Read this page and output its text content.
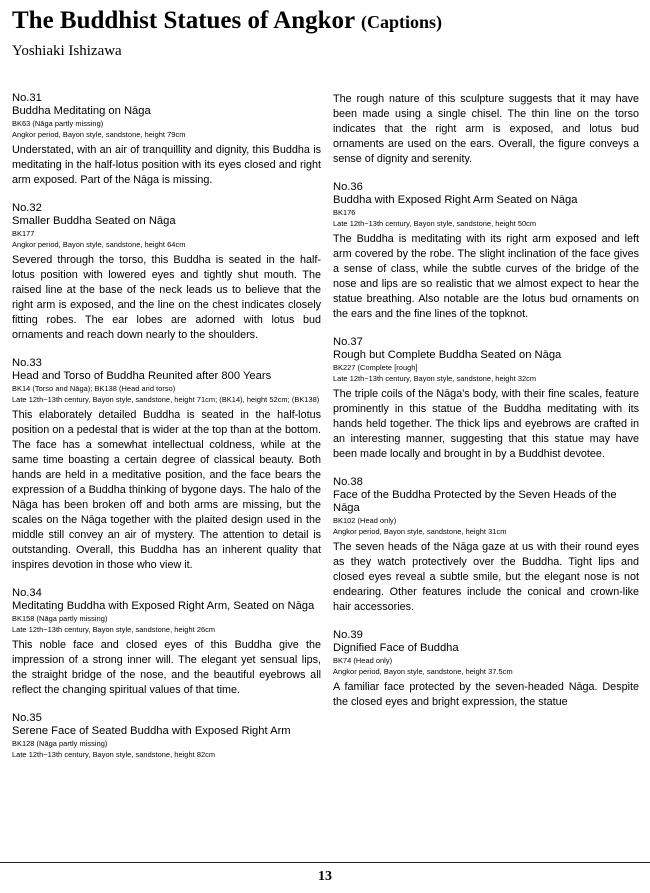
The Buddhist Statues of Angkor (Captions)
Yoshiaki Ishizawa
No.31
Buddha Meditating on Nāga
BK63 (Nāga partly missing)
Angkor period, Bayon style, sandstone, height 79cm
Understated, with an air of tranquillity and dignity, this Buddha is meditating in the half-lotus position with its eyes closed and right arm exposed. Part of the Nāga is missing.
No.32
Smaller Buddha Seated on Nāga
BK177
Angkor period, Bayon style, sandstone, height 64cm
Severed through the torso, this Buddha is seated in the half-lotus position with lowered eyes and tightly shut mouth. The raised line at the base of the neck leads us to believe that the right arm is exposed, and the line on the chest indicates closely fitting robes. The ear lobes are adorned with lotus bud ornaments and reach down nearly to the shoulders.
No.33
Head and Torso of Buddha Reunited after 800 Years
BK14 (Torso and Nāga); BK138 (Head and torso)
Late 12th~13th century, Bayon style, sandstone, height 71cm; (BK14), height 52cm; (BK138)
This elaborately detailed Buddha is seated in the half-lotus position on a pedestal that is wider at the top than at the bottom. The face has a somewhat intellectual coldness, while at the same time boasting a certain degree of classical beauty. Both hands are held in a meditative position, and the face bears the expression of a Buddha thinking of bygone days. The halo of the Nāga has been broken off and both arms are missing, but the scales on the Nāga together with the plaited design used in the middle still convey an air of mystery. The attention to detail is outstanding. Overall, this Buddha has an inherent quality that inspires devotion in those who view it.
No.34
Meditating Buddha with Exposed Right Arm, Seated on Nāga
BK158 (Nāga partly missing)
Late 12th~13th century, Bayon style, sandstone, height 26cm
This noble face and closed eyes of this Buddha give the impression of a strong inner will. The elegant yet sensual lips, the straight bridge of the nose, and the beautiful eyebrows all reflect the changing spiritual values of that time.
No.35
Serene Face of Seated Buddha with Exposed Right Arm
BK128 (Nāga partly missing)
Late 12th~13th century, Bayon style, sandstone, height 82cm
The rough nature of this sculpture suggests that it may have been made using a single chisel. The thin line on the torso indicates that the right arm is exposed, and lotus bud ornaments are used on the ears. Overall, the figure conveys a sense of dignity and serenity.
No.36
Buddha with Exposed Right Arm Seated on Nāga
BK176
Late 12th~13th century, Bayon style, sandstone, height 50cm
The Buddha is meditating with its right arm exposed and left arm covered by the robe. The slight inclination of the face gives a sense of class, while the subtle curves of the bridge of the nose and lips are so realistic that we almost expect to hear the statue breathing. Also notable are the lotus bud ornaments on the ears and the fine lines of the topknot.
No.37
Rough but Complete Buddha Seated on Nāga
BK227 (Complete [rough]
Late 12th~13th century, Bayon style, sandstone, height 32cm
The triple coils of the Nāga's body, with their fine scales, feature prominently in this statue of the Buddha meditating with its hands held together. The thick lips and eyebrows are crafted in an interesting manner, suggesting that this statue may have been made locally and brought in by a Buddhist devotee.
No.38
Face of the Buddha Protected by the Seven Heads of the Nāga
BK102 (Head only)
Angkor period, Bayon style, sandstone, height 31cm
The seven heads of the Nāga gaze at us with their round eyes as they watch protectively over the Buddha. Tight lips and closed eyes reveal a subtle smile, but the elegant nose is not endearing. Other features include the conical and crown-like hair accessories.
No.39
Dignified Face of Buddha
BK74 (Head only)
Angkor period, Bayon style, sandstone, height 37.5cm
A familiar face protected by the seven-headed Nāga. Despite the closed eyes and bright expression, the statue
13
